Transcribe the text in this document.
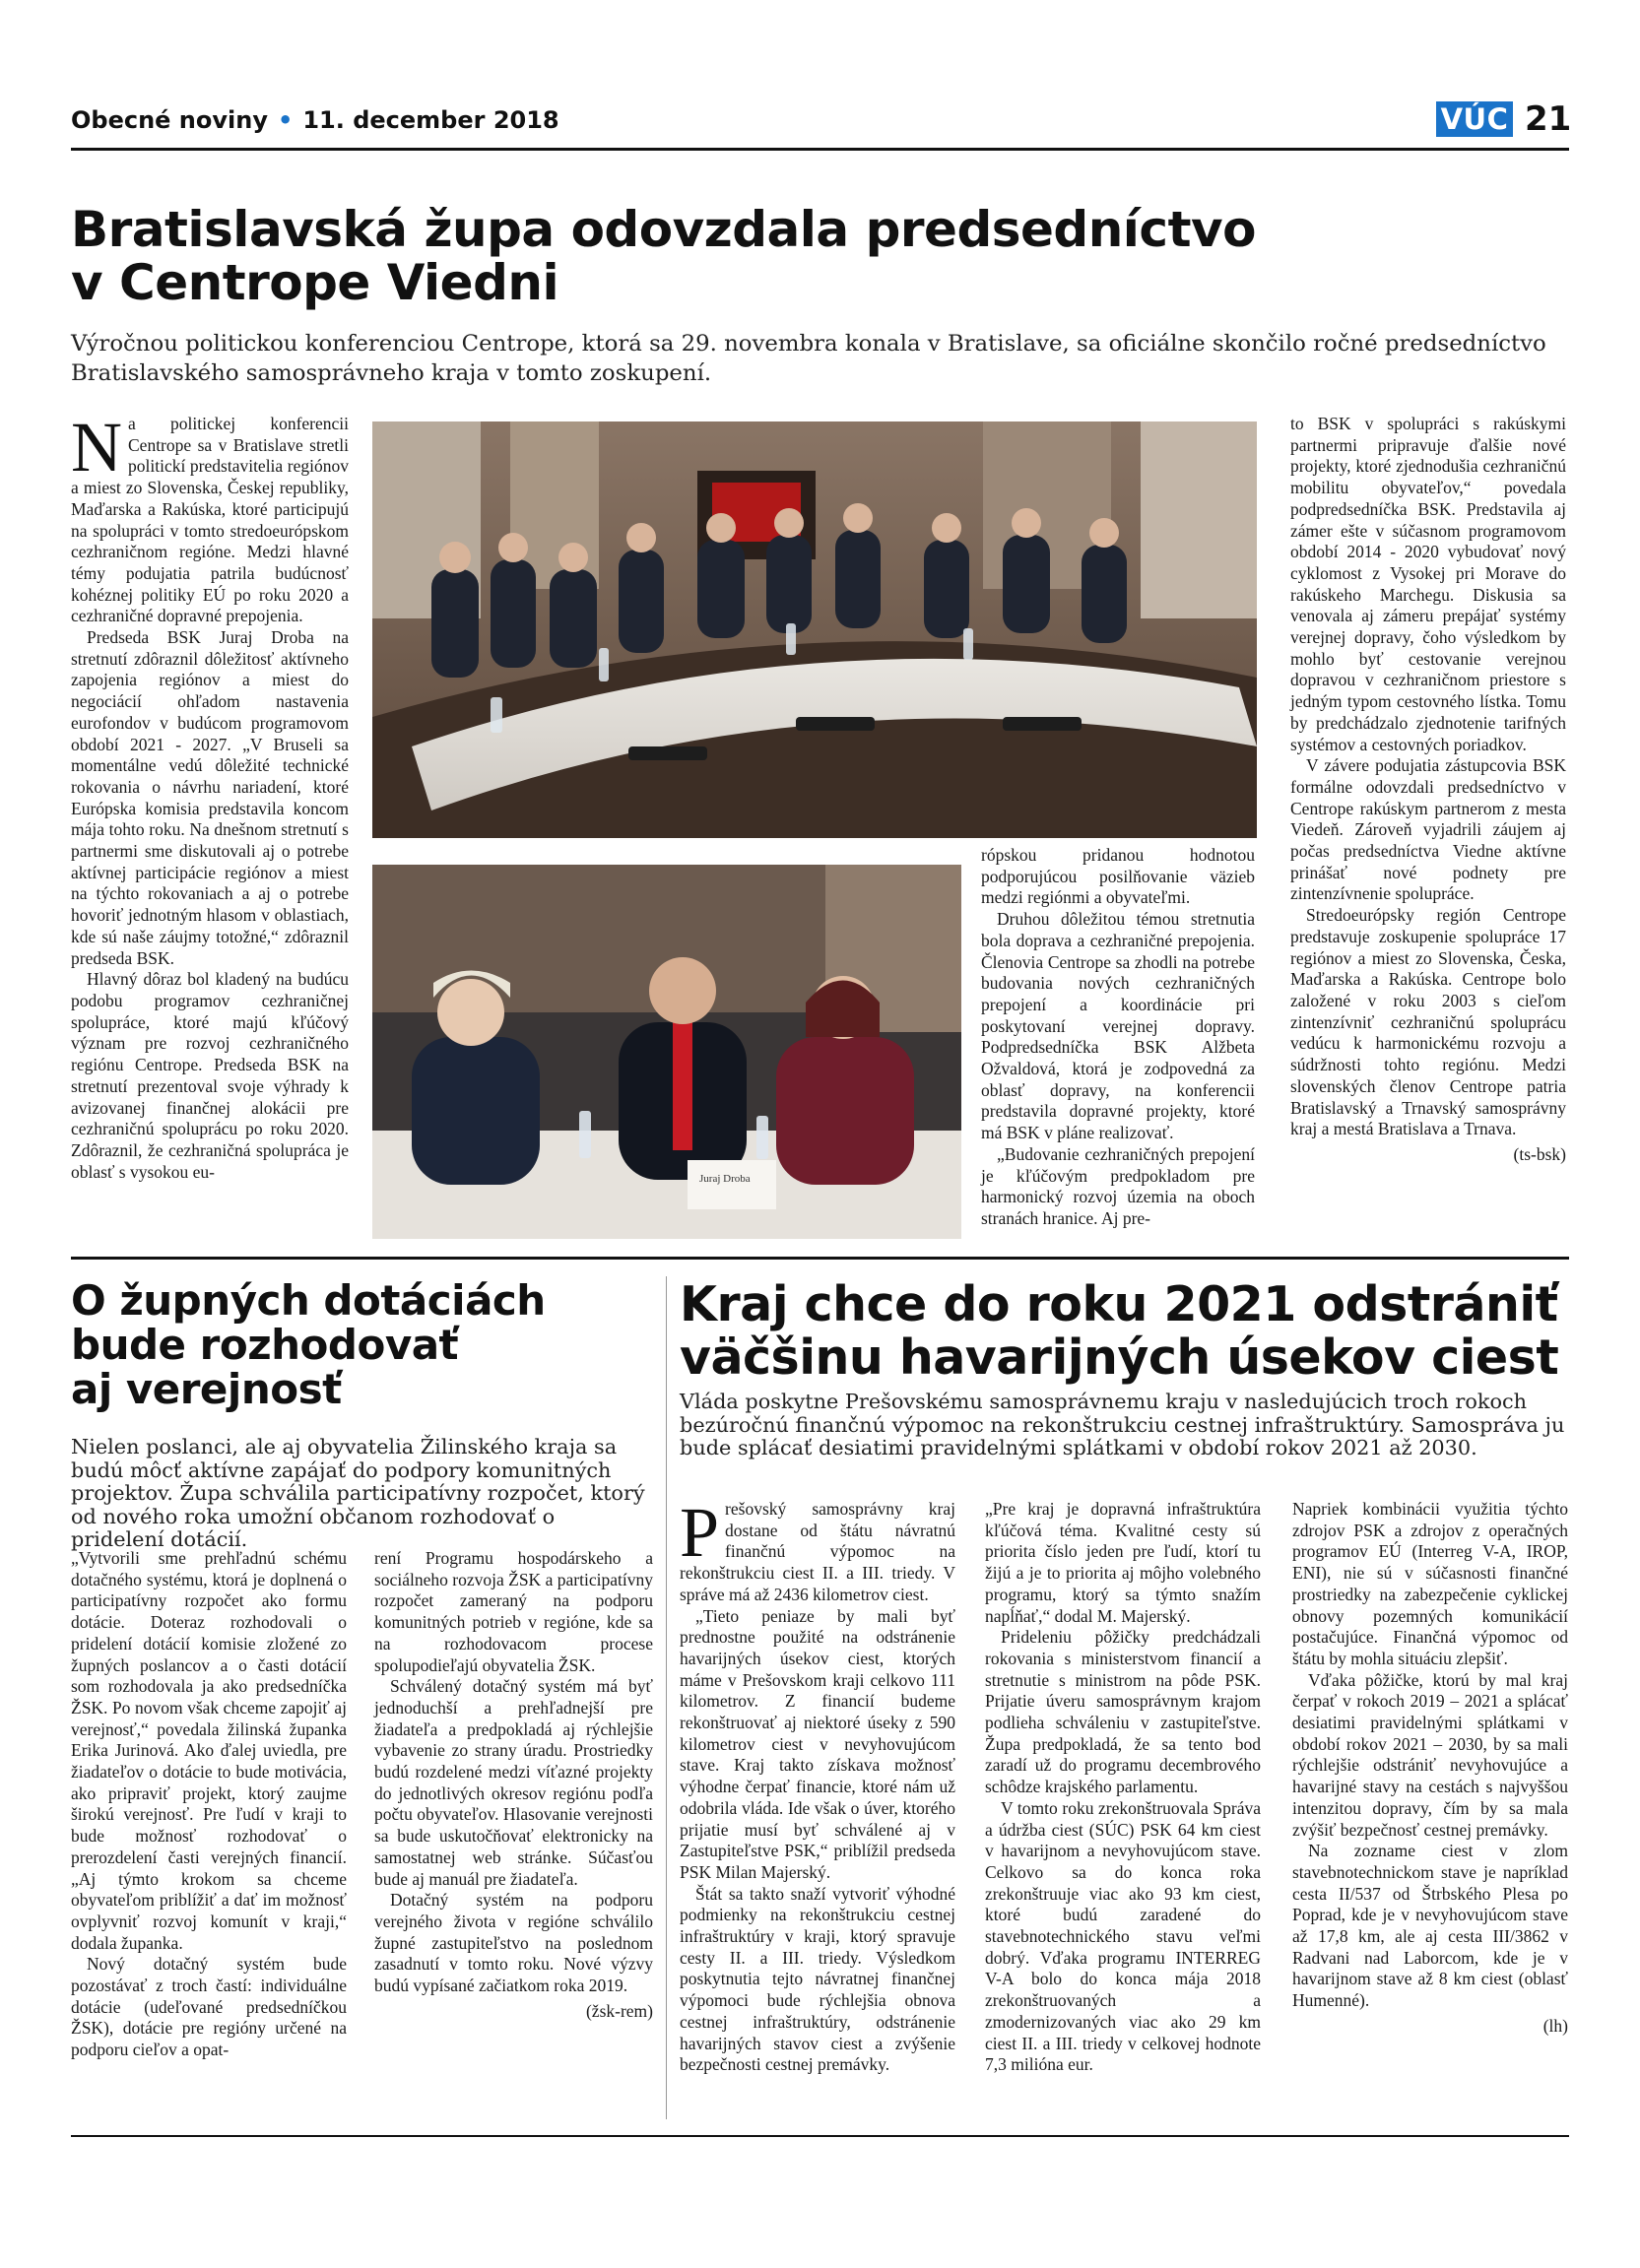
Obecné noviny • 11. december 2018	VÚC 21
Bratislavská župa odovzdala predsedníctvo
v Centrope Viedni

Výročnou politickou konferenciou Centrope, ktorá sa 29. novembra konala v Bratislave, sa oficiálne skončilo ročné predsedníctvo Bratislavského samosprávneho kraja v tomto zoskupení.

Na politickej konferencii Centrope sa v Bratislave stretli politickí predstavitelia regiónov a miest zo Slovenska, Českej republiky, Maďarska a Rakúska, ktoré participujú na spolupráci v tomto stredoeurópskom cezhraničnom regióne. Medzi hlavné témy podujatia patrila budúcnosť kohéznej politiky EÚ po roku 2020 a cezhraničné dopravné prepojenia.

Predseda BSK Juraj Droba na stretnutí zdôraznil dôležitosť aktívneho zapojenia regiónov a miest do negociácií ohľadom nastavenia eurofondov v budúcom programovom období 2021 - 2027. „V Bruseli sa momentálne vedú dôležité technické rokovania o návrhu nariadení, ktoré Európska komisia predstavila koncom mája tohto roku. Na dnešnom stretnutí s partnermi sme diskutovali aj o potrebe aktívnej participácie regiónov a miest na týchto rokovaniach a aj o potrebe hovoriť jednotným hlasom v oblastiach, kde sú naše záujmy totožné,“ zdôraznil predseda BSK.

Hlavný dôraz bol kladený na budúcu podobu programov cezhraničnej spolupráce, ktoré majú kľúčový význam pre rozvoj cezhraničného regiónu Centrope. Predseda BSK na stretnutí prezentoval svoje výhrady k avizovanej finančnej alokácii pre cezhraničnú spoluprácu po roku 2020. Zdôraznil, že cezhraničná spolupráca je oblasť s vysokou eu-	Juraj Droba

rópskou pridanou hodnotou podporujúcou posilňovanie väzieb medzi regiónmi a obyvateľmi.

Druhou dôležitou témou stretnutia bola doprava a cezhraničné prepojenia. Členovia Centrope sa zhodli na potrebe budovania nových cezhraničných prepojení a koordinácie pri poskytovaní verejnej dopravy. Podpredsedníčka BSK Alžbeta Ožvaldová, ktorá je zodpovedná za oblasť dopravy, na konferencii predstavila dopravné projekty, ktoré má BSK v pláne realizovať.

„Budovanie cezhraničných prepojení je kľúčovým predpokladom pre harmonický rozvoj územia na oboch stranách hranice. Aj pre-

to BSK v spolupráci s rakúskymi partnermi pripravuje ďalšie nové projekty, ktoré zjednodušia cezhraničnú mobilitu obyvateľov,“ povedala podpredsedníčka BSK. Predstavila aj zámer ešte v súčasnom programovom období 2014 - 2020 vybudovať nový cyklomost z Vysokej pri Morave do rakúskeho Marchegu. Diskusia sa venovala aj zámeru prepájať systémy verejnej dopravy, čoho výsledkom by mohlo byť cestovanie verejnou dopravou v cezhraničnom priestore s jedným typom cestovného lístka. Tomu by predchádzalo zjednotenie tarifných systémov a cestovných poriadkov.

V závere podujatia zástupcovia BSK formálne odovzdali predsedníctvo v Centrope rakúskym partnerom z mesta Viedeň. Zároveň vyjadrili záujem aj počas predsedníctva Viedne aktívne prinášať nové podnety pre zintenzívnenie spolupráce.

Stredoeurópsky región Centrope predstavuje zoskupenie spolupráce 17 regiónov a miest zo Slovenska, Česka, Maďarska a Rakúska. Centrope bolo založené v roku 2003 s cieľom zintenzívniť cezhraničnú spoluprácu vedúcu k harmonickému rozvoju a súdržnosti tohto regiónu. Medzi slovenských členov Centrope patria Bratislavský a Trnavský samosprávny kraj a mestá Bratislava a Trnava.

(ts-bsk)

O župných dotáciách
bude rozhodovať
aj verejnosť

Nielen poslanci, ale aj obyvatelia Žilinského kraja sa budú môcť aktívne zapájať do podpory komunitných projektov. Župa schválila participatívny rozpočet, ktorý od nového roka umožní občanom rozhodovať o pridelení dotácií.

„Vytvorili sme prehľadnú schému dotačného systému, ktorá je doplnená o participatívny rozpočet ako formu dotácie. Doteraz rozhodovali o pridelení dotácií komisie zložené zo župných poslancov a o časti dotácií som rozhodovala ja ako predsedníčka ŽSK. Po novom však chceme zapojiť aj verejnosť,“ povedala žilinská županka Erika Jurinová. Ako ďalej uviedla, pre žiadateľov o dotácie to bude motivácia, ako pripraviť projekt, ktorý zaujme širokú verejnosť. Pre ľudí v kraji to bude možnosť rozhodovať o prerozdelení časti verejných financií. „Aj týmto krokom sa chceme obyvateľom priblížiť a dať im možnosť ovplyvniť rozvoj komunít v kraji,“ dodala županka.

Nový dotačný systém bude pozostávať z troch častí: individuálne dotácie (udeľované predsedníčkou ŽSK), dotácie pre regióny určené na podporu cieľov a opat-

rení Programu hospodárskeho a sociálneho rozvoja ŽSK a participatívny rozpočet zameraný na podporu komunitných potrieb v regióne, kde sa na rozhodovacom procese spolupodieľajú obyvatelia ŽSK.

Schválený dotačný systém má byť jednoduchší a prehľadnejší pre žiadateľa a predpokladá aj rýchlejšie vybavenie zo strany úradu. Prostriedky budú rozdelené medzi víťazné projekty do jednotlivých okresov regiónu podľa počtu obyvateľov. Hlasovanie verejnosti sa bude uskutočňovať elektronicky na samostatnej web stránke. Súčasťou bude aj manuál pre žiadateľa.

Dotačný systém na podporu verejného života v regióne schválilo župné zastupiteľstvo na poslednom zasadnutí v tomto roku. Nové výzvy budú vypísané začiatkom roka 2019.

(žsk-rem)

Kraj chce do roku 2021 odstrániť
väčšinu havarijných úsekov ciest

Vláda poskytne Prešovskému samosprávnemu kraju v nasledujúcich troch rokoch bezúročnú finančnú výpomoc na rekonštrukciu cestnej infraštruktúry. Samospráva ju bude splácať desiatimi pravidelnými splátkami v období rokov 2021 až 2030.

Prešovský samosprávny kraj dostane od štátu návratnú finančnú výpomoc na rekonštrukciu ciest II. a III. triedy. V správe má až 2436 kilometrov ciest.

„Tieto peniaze by mali byť prednostne použité na odstránenie havarijných úsekov ciest, ktorých máme v Prešovskom kraji celkovo 111 kilometrov. Z financií budeme rekonštruovať aj niektoré úseky z 590 kilometrov ciest v nevyhovujúcom stave. Kraj takto získava možnosť výhodne čerpať financie, ktoré nám už odobrila vláda. Ide však o úver, ktorého prijatie musí byť schválené aj v Zastupiteľstve PSK,“ priblížil predseda PSK Milan Majerský.

Štát sa takto snaží vytvoriť výhodné podmienky na rekonštrukciu cestnej infraštruktúry v kraji, ktorý spravuje cesty II. a III. triedy. Výsledkom poskytnutia tejto návratnej finančnej výpomoci bude rýchlejšia obnova cestnej infraštruktúry, odstránenie havarijných stavov ciest a zvýšenie bezpečnosti cestnej premávky.

„Pre kraj je dopravná infraštruktúra kľúčová téma. Kvalitné cesty sú priorita číslo jeden pre ľudí, ktorí tu žijú a je to priorita aj môjho volebného programu, ktorý sa týmto snažím napĺňať,“ dodal M. Majerský.

Prideleniu pôžičky predchádzali rokovania s ministerstvom financií a stretnutie s ministrom na pôde PSK. Prijatie úveru samosprávnym krajom podlieha schváleniu v zastupiteľstve. Župa predpokladá, že sa tento bod zaradí už do programu decembrového schôdze krajského parlamentu.

V tomto roku zrekonštruovala Správa a údržba ciest (SÚC) PSK 64 km ciest v havarijnom a nevyhovujúcom stave. Celkovo sa do konca roka zrekonštruuje viac ako 93 km ciest, ktoré budú zaradené do stavebnotechnického stavu veľmi dobrý. Vďaka programu INTERREG V-A bolo do konca mája 2018 zrekonštruovaných a zmodernizovaných viac ako 29 km ciest II. a III. triedy v celkovej hodnote 7,3 milióna eur.

Napriek kombinácii využitia týchto zdrojov PSK a zdrojov z operačných programov EÚ (Interreg V-A, IROP, ENI), nie sú v súčasnosti finančné prostriedky na zabezpečenie cyklickej obnovy pozemných komunikácií postačujúce. Finančná výpomoc od štátu by mohla situáciu zlepšiť.

Vďaka pôžičke, ktorú by mal kraj čerpať v rokoch 2019 – 2021 a splácať desiatimi pravidelnými splátkami v období rokov 2021 – 2030, by sa mali rýchlejšie odstrániť nevyhovujúce a havarijné stavy na cestách s najvyššou intenzitou dopravy, čím by sa mala zvýšiť bezpečnosť cestnej premávky.

Na zozname ciest v zlom stavebnotechnickom stave je napríklad cesta II/537 od Štrbského Plesa po Poprad, kde je v nevyhovujúcom stave až 17,8 km, ale aj cesta III/3862 v Radvani nad Laborcom, kde je v havarijnom stave až 8 km ciest (oblasť Humenné).

(lh)
